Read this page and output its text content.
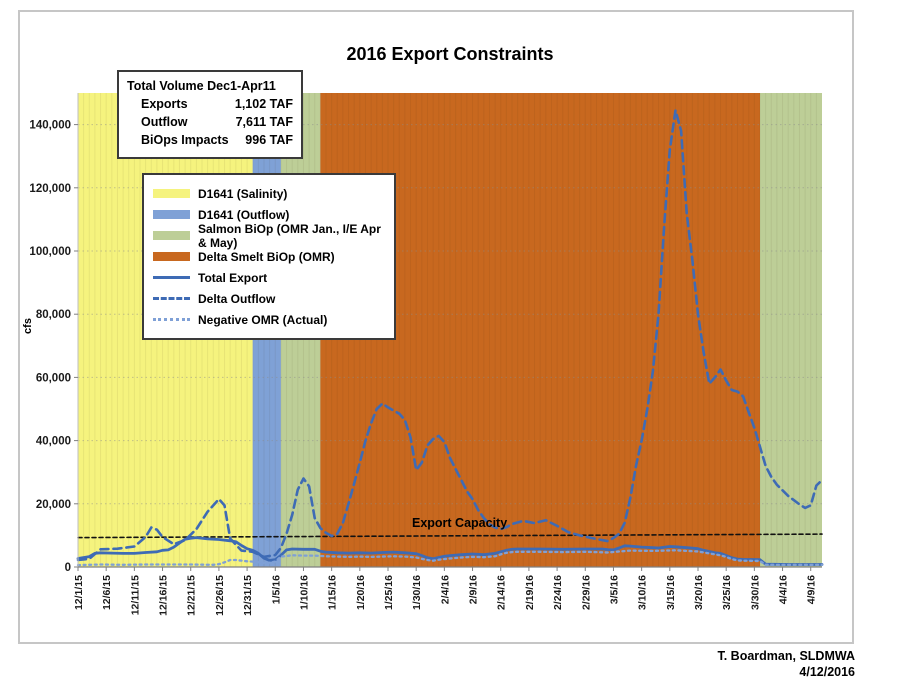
0
20,000
40,000
60,000
80,000
100,000
120,000
140,000
12/1/15 12/6/15 12/11/15 12/16/15 12/21/15 12/26/15 12/31/15 1/5/16 1/10/16 1/15/16 1/20/16 1/25/16 1/30/16 2/4/16 2/9/16 2/14/16 2/19/16 2/24/16 2/29/16 3/5/16 3/10/16 3/15/16 3/20/16 3/25/16 3/30/16 4/4/16 4/9/16
2016 Export Constraints
Total Volume Dec1-Apr11
Exports	1,102 TAF
Outflow	7,611 TAF
BiOps Impacts 996 TAF
D1641 (Salinity)
D1641 (Outflow)
Salmon BiOp (OMR Jan., I/E Apr & May)
Delta Smelt BiOp (OMR)
Total Export
Delta Outflow
Negative OMR (Actual)
Export Capacity
cfs
T. Boardman, SLDMWA
4/12/2016
